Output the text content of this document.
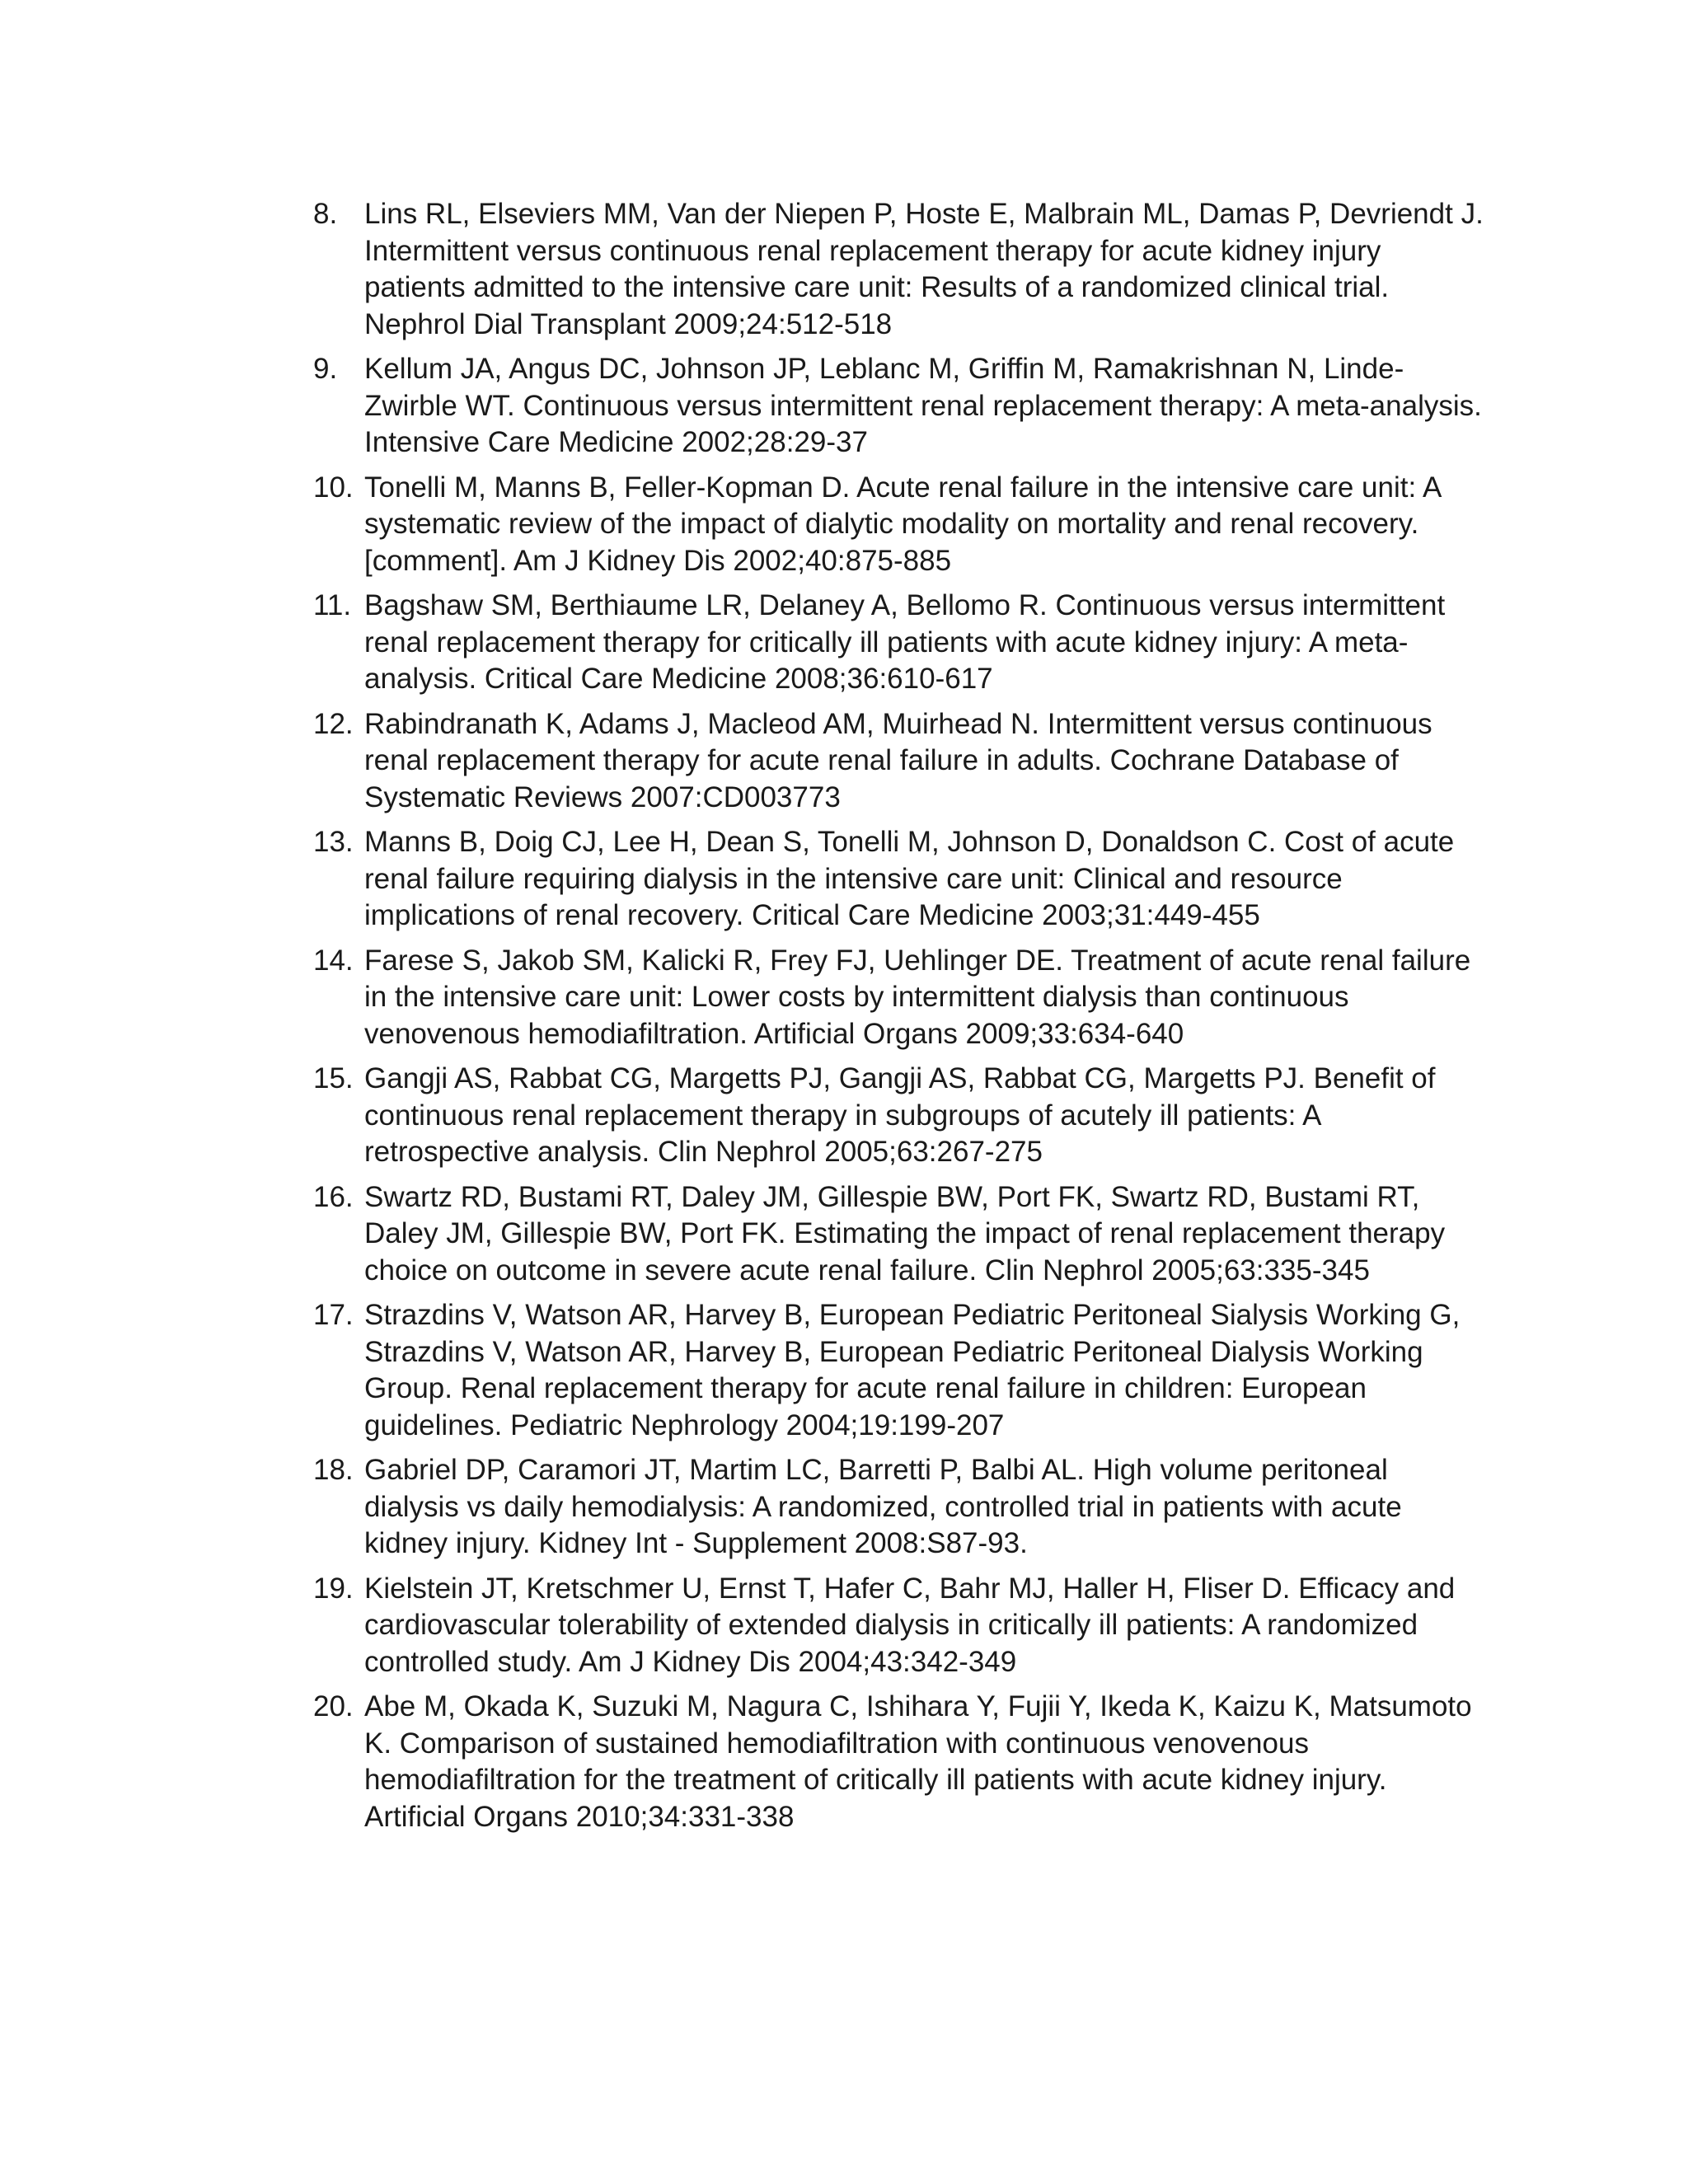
8. Lins RL, Elseviers MM, Van der Niepen P, Hoste E, Malbrain ML, Damas P, Devriendt J. Intermittent versus continuous renal replacement therapy for acute kidney injury patients admitted to the intensive care unit: Results of a randomized clinical trial. Nephrol Dial Transplant 2009;24:512-518
9. Kellum JA, Angus DC, Johnson JP, Leblanc M, Griffin M, Ramakrishnan N, Linde-Zwirble WT. Continuous versus intermittent renal replacement therapy: A meta-analysis. Intensive Care Medicine 2002;28:29-37
10. Tonelli M, Manns B, Feller-Kopman D. Acute renal failure in the intensive care unit: A systematic review of the impact of dialytic modality on mortality and renal recovery.[comment]. Am J Kidney Dis 2002;40:875-885
11. Bagshaw SM, Berthiaume LR, Delaney A, Bellomo R. Continuous versus intermittent renal replacement therapy for critically ill patients with acute kidney injury: A meta-analysis. Critical Care Medicine 2008;36:610-617
12. Rabindranath K, Adams J, Macleod AM, Muirhead N. Intermittent versus continuous renal replacement therapy for acute renal failure in adults. Cochrane Database of Systematic Reviews 2007:CD003773
13. Manns B, Doig CJ, Lee H, Dean S, Tonelli M, Johnson D, Donaldson C. Cost of acute renal failure requiring dialysis in the intensive care unit: Clinical and resource implications of renal recovery. Critical Care Medicine 2003;31:449-455
14. Farese S, Jakob SM, Kalicki R, Frey FJ, Uehlinger DE. Treatment of acute renal failure in the intensive care unit: Lower costs by intermittent dialysis than continuous venovenous hemodiafiltration. Artificial Organs 2009;33:634-640
15. Gangji AS, Rabbat CG, Margetts PJ, Gangji AS, Rabbat CG, Margetts PJ. Benefit of continuous renal replacement therapy in subgroups of acutely ill patients: A retrospective analysis. Clin Nephrol 2005;63:267-275
16. Swartz RD, Bustami RT, Daley JM, Gillespie BW, Port FK, Swartz RD, Bustami RT, Daley JM, Gillespie BW, Port FK. Estimating the impact of renal replacement therapy choice on outcome in severe acute renal failure. Clin Nephrol 2005;63:335-345
17. Strazdins V, Watson AR, Harvey B, European Pediatric Peritoneal Sialysis Working G, Strazdins V, Watson AR, Harvey B, European Pediatric Peritoneal Dialysis Working Group. Renal replacement therapy for acute renal failure in children: European guidelines. Pediatric Nephrology 2004;19:199-207
18. Gabriel DP, Caramori JT, Martim LC, Barretti P, Balbi AL. High volume peritoneal dialysis vs daily hemodialysis: A randomized, controlled trial in patients with acute kidney injury. Kidney Int - Supplement 2008:S87-93.
19. Kielstein JT, Kretschmer U, Ernst T, Hafer C, Bahr MJ, Haller H, Fliser D. Efficacy and cardiovascular tolerability of extended dialysis in critically ill patients: A randomized controlled study. Am J Kidney Dis 2004;43:342-349
20. Abe M, Okada K, Suzuki M, Nagura C, Ishihara Y, Fujii Y, Ikeda K, Kaizu K, Matsumoto K. Comparison of sustained hemodiafiltration with continuous venovenous hemodiafiltration for the treatment of critically ill patients with acute kidney injury. Artificial Organs 2010;34:331-338
